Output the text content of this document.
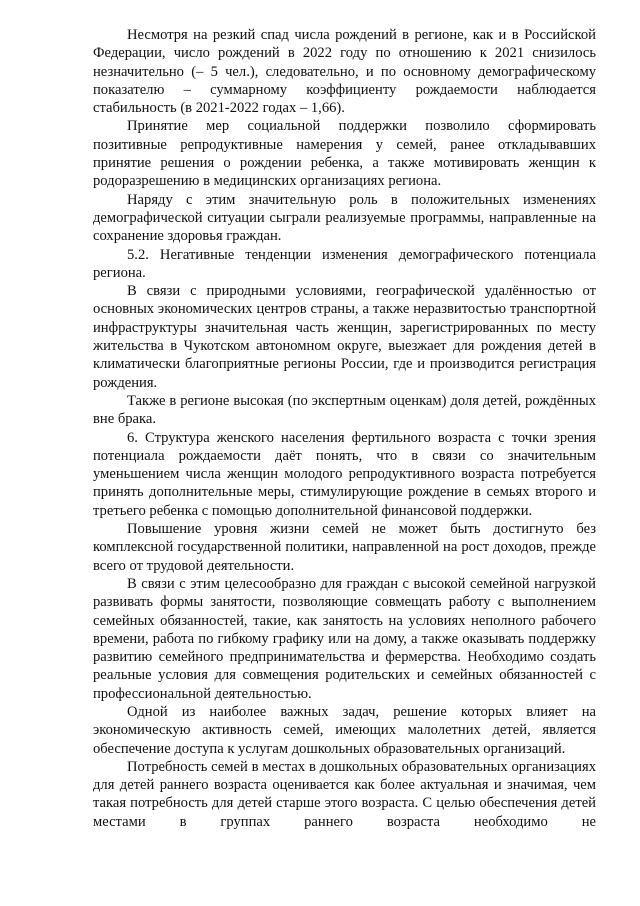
Несмотря на резкий спад числа рождений в регионе, как и в Российской Федерации, число рождений в 2022 году по отношению к 2021 снизилось незначительно (– 5 чел.), следовательно, и по основному демографическому показателю – суммарному коэффициенту рождаемости наблюдается стабильность (в 2021-2022 годах – 1,66).

Принятие мер социальной поддержки позволило сформировать позитивные репродуктивные намерения у семей, ранее откладывавших принятие решения о рождении ребенка, а также мотивировать женщин к родоразрешению в медицинских организациях региона.

Наряду с этим значительную роль в положительных изменениях демографической ситуации сыграли реализуемые программы, направленные на сохранение здоровья граждан.

5.2. Негативные тенденции изменения демографического потенциала региона.

В связи с природными условиями, географической удалённостью от основных экономических центров страны, а также неразвитостью транспортной инфраструктуры значительная часть женщин, зарегистрированных по месту жительства в Чукотском автономном округе, выезжает для рождения детей в климатически благоприятные регионы России, где и производится регистрация рождения.

Также в регионе высокая (по экспертным оценкам) доля детей, рождённых вне брака.

6. Структура женского населения фертильного возраста с точки зрения потенциала рождаемости даёт понять, что в связи со значительным уменьшением числа женщин молодого репродуктивного возраста потребуется принять дополнительные меры, стимулирующие рождение в семьях второго и третьего ребенка с помощью дополнительной финансовой поддержки.

Повышение уровня жизни семей не может быть достигнуто без комплексной государственной политики, направленной на рост доходов, прежде всего от трудовой деятельности.

В связи с этим целесообразно для граждан с высокой семейной нагрузкой развивать формы занятости, позволяющие совмещать работу с выполнением семейных обязанностей, такие, как занятость на условиях неполного рабочего времени, работа по гибкому графику или на дому, а также оказывать поддержку развитию семейного предпринимательства и фермерства. Необходимо создать реальные условия для совмещения родительских и семейных обязанностей с профессиональной деятельностью.

Одной из наиболее важных задач, решение которых влияет на экономическую активность семей, имеющих малолетних детей, является обеспечение доступа к услугам дошкольных образовательных организаций.

Потребность семей в местах в дошкольных образовательных организациях для детей раннего возраста оценивается как более актуальная и значимая, чем такая потребность для детей старше этого возраста. С целью обеспечения детей местами в группах раннего возраста необходимо не
